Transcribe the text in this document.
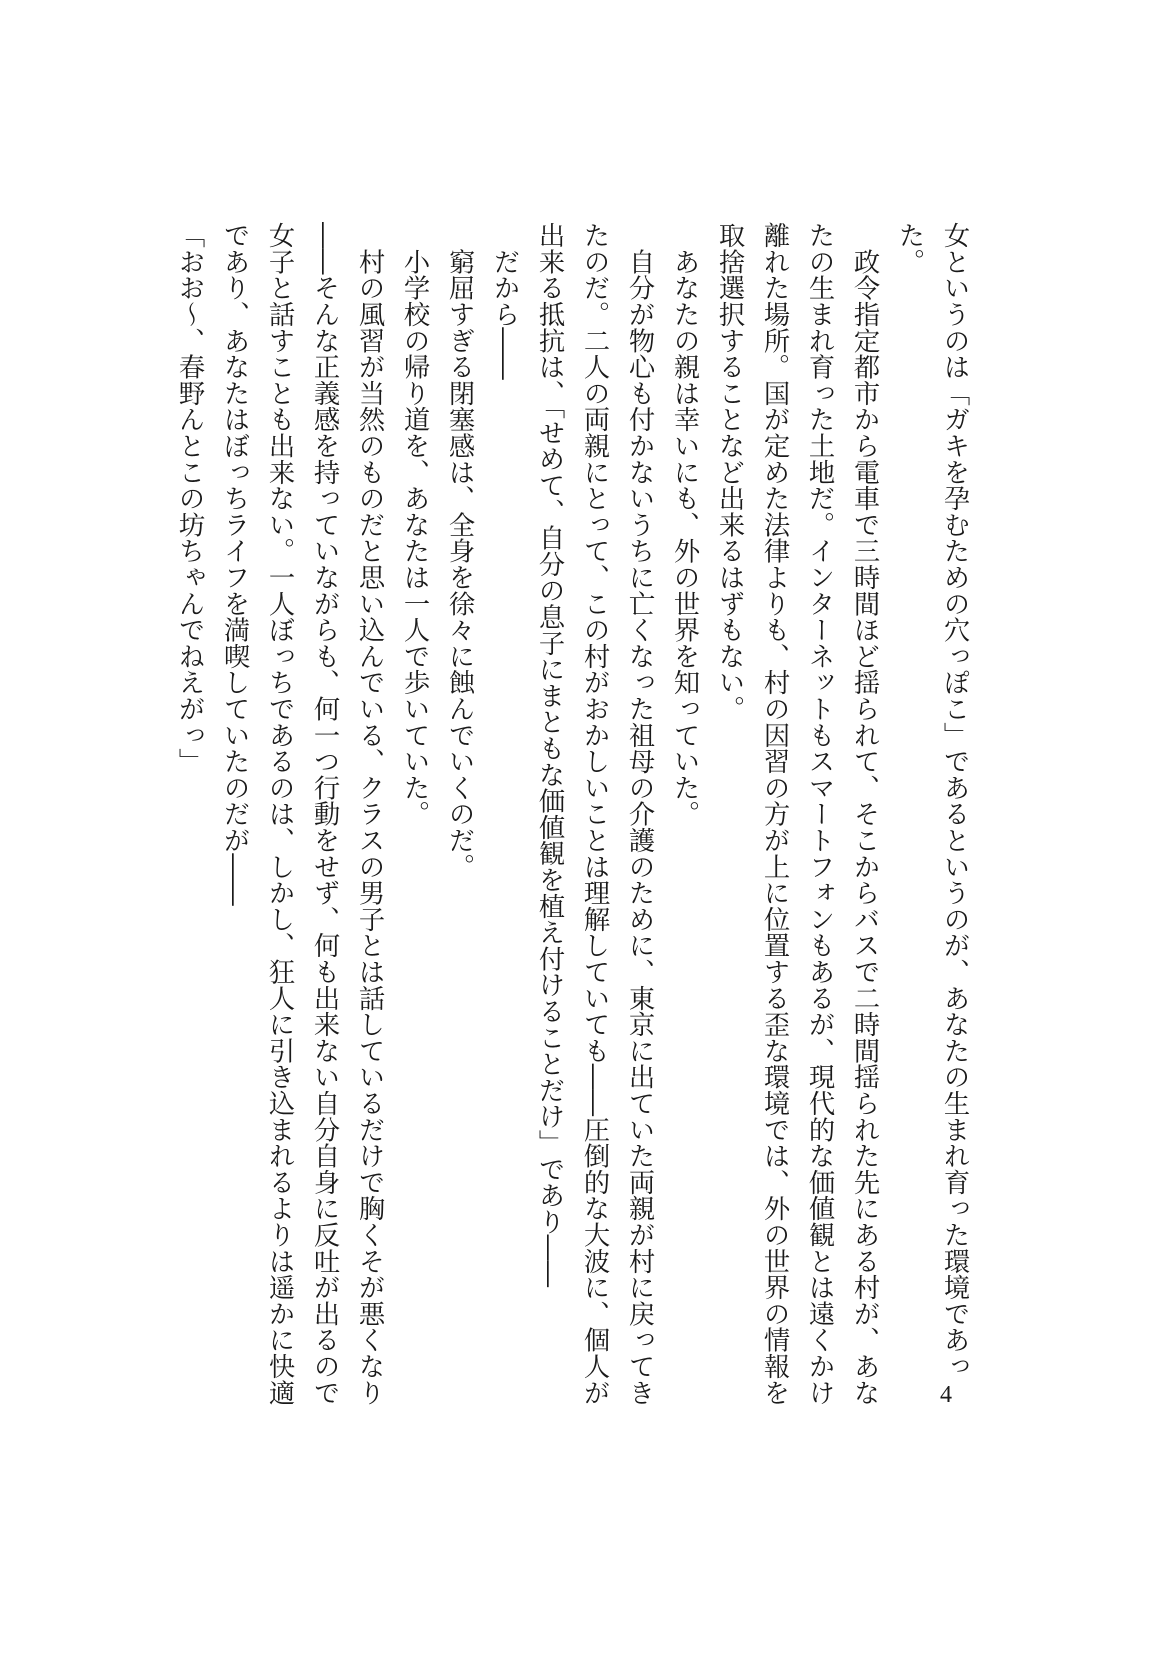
女というのは「ガキを孕むための穴っぽこ」であるというのが、あなたの生まれ育った環境であっ
た。
　政令指定都市から電車で三時間ほど揺られて、そこからバスで二時間揺られた先にある村が、あな
たの生まれ育った土地だ。インターネットもスマートフォンもあるが、現代的な価値観とは遠くかけ
離れた場所。国が定めた法律よりも、村の因習の方が上に位置する歪な環境では、外の世界の情報を
取捨選択することなど出来るはずもない。
　あなたの親は幸いにも、外の世界を知っていた。
　自分が物心も付かないうちに亡くなった祖母の介護のために、東京に出ていた両親が村に戻ってき
たのだ。二人の両親にとって、この村がおかしいことは理解していても――圧倒的な大波に、個人が
出来る抵抗は、「せめて、自分の息子にまともな価値観を植え付けることだけ」であり――
　だから――
　窮屈すぎる閉塞感は、全身を徐々に蝕んでいくのだ。
　小学校の帰り道を、あなたは一人で歩いていた。
　村の風習が当然のものだと思い込んでいる、クラスの男子とは話しているだけで胸くそが悪くなり
――そんな正義感を持っていながらも、何一つ行動をせず、何も出来ない自分自身に反吐が出るので
女子と話すことも出来ない。一人ぼっちであるのは、しかし、狂人に引き込まれるよりは遥かに快適
であり、あなたはぼっちライフを満喫していたのだが――
「おお～、春野んとこの坊ちゃんでねえがっ」
4
